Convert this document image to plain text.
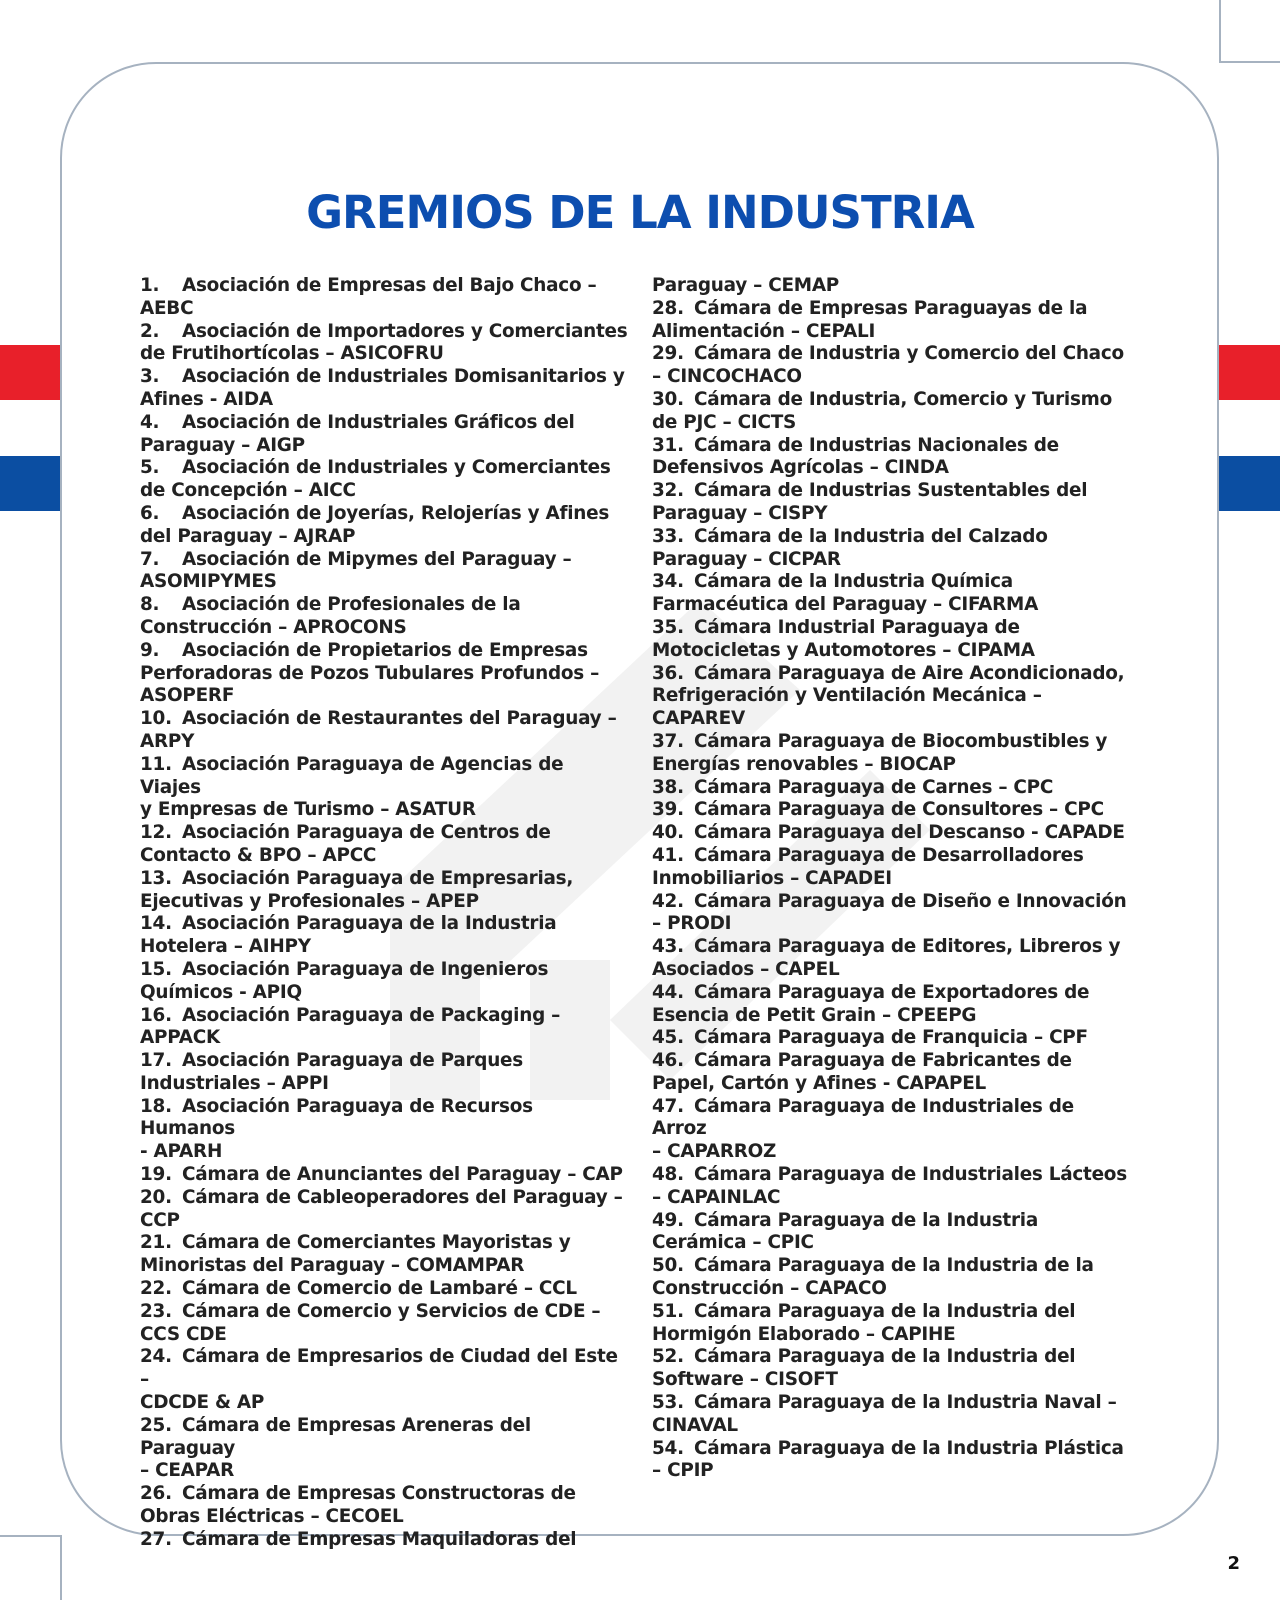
GREMIOS DE LA INDUSTRIA
1. Asociación de Empresas del Bajo Chaco –
AEBC
2. Asociación de Importadores y Comerciantes
de Frutihortícolas – ASICOFRU
3. Asociación de Industriales Domisanitarios y
Afines - AIDA
4. Asociación de Industriales Gráficos del
Paraguay – AIGP
5. Asociación de Industriales y Comerciantes
de Concepción – AICC
6. Asociación de Joyerías, Relojerías y Afines
del Paraguay – AJRAP
7. Asociación de Mipymes del Paraguay –
ASOMIPYMES
8. Asociación de Profesionales de la
Construcción – APROCONS
9. Asociación de Propietarios de Empresas
Perforadoras de Pozos Tubulares Profundos –
ASOPERF
10. Asociación de Restaurantes del Paraguay –
ARPY
11. Asociación Paraguaya de Agencias de Viajes
y Empresas de Turismo – ASATUR
12. Asociación Paraguaya de Centros de
Contacto & BPO – APCC
13. Asociación Paraguaya de Empresarias,
Ejecutivas y Profesionales – APEP
14. Asociación Paraguaya de la Industria
Hotelera – AIHPY
15. Asociación Paraguaya de Ingenieros
Químicos - APIQ
16. Asociación Paraguaya de Packaging –
APPACK
17. Asociación Paraguaya de Parques
Industriales – APPI
18. Asociación Paraguaya de Recursos Humanos
- APARH
19. Cámara de Anunciantes del Paraguay – CAP
20. Cámara de Cableoperadores del Paraguay –
CCP
21. Cámara de Comerciantes Mayoristas y
Minoristas del Paraguay – COMAMPAR
22. Cámara de Comercio de Lambaré – CCL
23. Cámara de Comercio y Servicios de CDE –
CCS CDE
24. Cámara de Empresarios de Ciudad del Este –
CDCDE & AP
25. Cámara de Empresas Areneras del Paraguay
– CEAPAR
26. Cámara de Empresas Constructoras de
Obras Eléctricas – CECOEL
27. Cámara de Empresas Maquiladoras del
Paraguay – CEMAP
28. Cámara de Empresas Paraguayas de la
Alimentación – CEPALI
29. Cámara de Industria y Comercio del Chaco
– CINCOCHACO
30. Cámara de Industria, Comercio y Turismo
de PJC – CICTS
31. Cámara de Industrias Nacionales de
Defensivos Agrícolas – CINDA
32. Cámara de Industrias Sustentables del
Paraguay – CISPY
33. Cámara de la Industria del Calzado
Paraguay – CICPAR
34. Cámara de la Industria Química
Farmacéutica del Paraguay – CIFARMA
35. Cámara Industrial Paraguaya de
Motocicletas y Automotores – CIPAMA
36. Cámara Paraguaya de Aire Acondicionado,
Refrigeración y Ventilación Mecánica –
CAPAREV
37. Cámara Paraguaya de Biocombustibles y
Energías renovables – BIOCAP
38. Cámara Paraguaya de Carnes – CPC
39. Cámara Paraguaya de Consultores – CPC
40. Cámara Paraguaya del Descanso - CAPADE
41. Cámara Paraguaya de Desarrolladores
Inmobiliarios – CAPADEI
42. Cámara Paraguaya de Diseño e Innovación
– PRODI
43. Cámara Paraguaya de Editores, Libreros y
Asociados – CAPEL
44. Cámara Paraguaya de Exportadores de
Esencia de Petit Grain – CPEEPG
45. Cámara Paraguaya de Franquicia – CPF
46. Cámara Paraguaya de Fabricantes de
Papel, Cartón y Afines - CAPAPEL
47. Cámara Paraguaya de Industriales de Arroz
– CAPARROZ
48. Cámara Paraguaya de Industriales Lácteos
– CAPAINLAC
49. Cámara Paraguaya de la Industria
Cerámica – CPIC
50. Cámara Paraguaya de la Industria de la
Construcción – CAPACO
51. Cámara Paraguaya de la Industria del
Hormigón Elaborado – CAPIHE
52. Cámara Paraguaya de la Industria del
Software – CISOFT
53. Cámara Paraguaya de la Industria Naval –
CINAVAL
54. Cámara Paraguaya de la Industria Plástica
– CPIP
2
